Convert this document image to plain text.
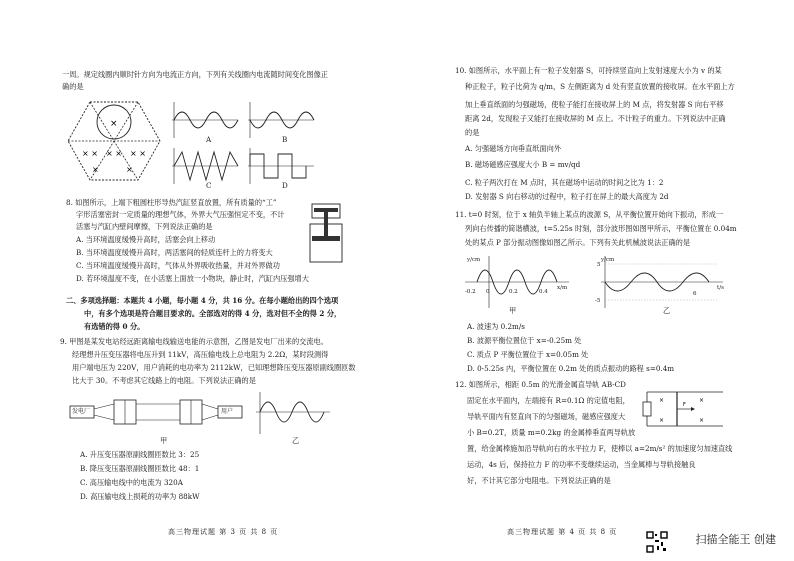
一周。规定线圈内顺时针方向为电流正方向，下列有关线圈内电流随时间变化图像正
确的是
×
× × × × × ×
×	×
A	B
C	D
8. 如图所示，上端下粗圆柱形导热汽缸竖直放置，所有质量的“工”
字形活塞密封一定质量的理想气体，外界大气压强恒定不变，不计
活塞与汽缸内壁间摩擦，下列说法正确的是
A. 当环境温度缓慢升高时，活塞会向上移动
B. 当环境温度缓慢升高时，两活塞间的轻质连杆上的力将变大
C. 当环境温度缓慢升高时，气体从外界吸收热量，并对外界做功
D. 若环境温度不变，在小活塞上面放一小物块，静止时，汽缸内压强增大
二、多项选择题：本题共 4 小题，每小题 4 分，共 16 分。在每小题给出的四个选项
中，有多个选项是符合题目要求的。全部选对的得 4 分，选对但不全的得 2 分，
有选错的得 0 分。
9. 甲图是某发电站经远距离输电线输送电能的示意图，乙图是发电厂出来的交流电。
经理想升压变压器将电压升到 11kV，高压输电线上总电阻为 2.2Ω，某时段测得
用户端电压为 220V，用户消耗的电功率为 2112kW，已知理想降压变压器原副线圈匝数
比大于 30。不考虑其它线路上的电阻。下列说法正确的是
发电厂	用户
甲	乙
A. 升压变压器原副线圈匝数比 3：25
B. 降压变压器原副线圈匝数比 48：1
C. 高压输电线中的电流为 320A
D. 高压输电线上损耗的功率为 88kW
高三物理试题 第 3 页 共 8 页
10. 如图所示，水平面上有一粒子发射器 S，可持续竖直向上发射速度大小为 v 的某
种正粒子，粒子比荷为 q/m，S 左侧距离为 d 处有竖直放置的接收屏。在水平面上方
加上垂直纸面的匀强磁场，使粒子能打在接收屏上的 M 点，将发射器 S 向右平移
距离 2d，发现粒子又能打在接收屏的 M 点上。不计粒子的重力。下列说法中正确
的是
A. 匀强磁场方向垂直纸面向外
B. 磁场磁感应强度大小 B = mv/qd
C. 粒子两次打在 M 点时，其在磁场中运动的时间之比为 1：2
D. 发射器 S 向右移动的过程中，粒子打在屏上的最大高度为 2d
11. t=0 时刻，位于 x 轴负半轴上某点的波源 S，从平衡位置开始向下振动，形成一
列向右传播的简谐横波，t=5.25s 时刻，部分波形图如图甲所示，平衡位置在 0.04m
处的某点 P 部分振动图像如图乙所示。下列有关此机械波说法正确的是
y/cm
x/m
-0.2 0	0.2	0.4
甲
y/cm
t/s
5
-5
6
乙
A. 波速为 0.2m/s
B. 波源平衡位置位于 x=-0.25m 处
C. 质点 P 平衡位置位于 x=0.05m 处
D. 0-5.25s 内，平衡位置在 0.2m 处的质点振动的路程 s=0.4m
12. 如图所示，相距 0.5m 的光滑金属直导轨 AB-CD
固定在水平面内，左端接有 R=0.1Ω 的定值电阻，
导轨平面内有竖直向下的匀强磁场，磁感应强度大
小 B=0.2T，质量 m=0.2kg 的金属棒垂直两导轨放
置，给金属棒施加沿导轨向右的水平拉力 F，使棒以 a=2m/s² 的加速度匀加速直线
运动，4s 后，保持拉力 F 的功率不变继续运动，当金属棒与导轨接触良
好，不计其它部分电阻电。下列说法正确的是
×	×
×	×
F
高三物理试题 第 4 页 共 8 页
扫描全能王 创建
